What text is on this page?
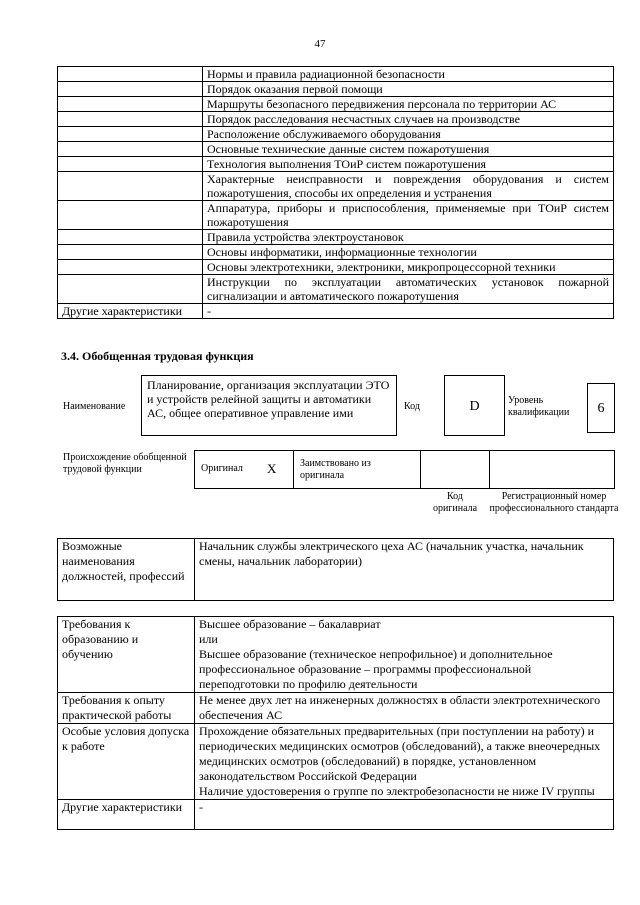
47
	Нормы и правила радиационной безопасности
	Порядок оказания первой помощи
	Маршруты безопасного передвижения персонала по территории АС
	Порядок расследования несчастных случаев на производстве
	Расположение обслуживаемого оборудования
	Основные технические данные систем пожаротушения
	Технология выполнения ТОиР систем пожаротушения
	Характерные неисправности и повреждения оборудования и систем пожаротушения, способы их определения и устранения
	Аппаратура, приборы и приспособления, применяемые при ТОиР систем пожаротушения
	Правила устройства электроустановок
	Основы информатики, информационные технологии
	Основы электротехники, электроники, микропроцессорной техники
	Инструкции по эксплуатации автоматических установок пожарной сигнализации и автоматического пожаротушения
Другие характеристики	-
3.4. Обобщенная трудовая функция
Наименование
Планирование, организация эксплуатации ЭТО и устройств релейной защиты и автоматики АС, общее оперативное управление ими	Код	D	Уровень квалификации	6
Происхождение обобщенной трудовой функции	Оригинал X Заимствовано из оригинала
Код оригинала
Регистрационный номер профессионального стандарта
Возможные наименования должностей, профессий	Начальник службы электрического цеха АС (начальник участка, начальник смены, начальник лаборатории)
Требования к образованию и обучению	Высшее образование – бакалавриат
или
Высшее образование (техническое непрофильное) и дополнительное профессиональное образование – программы профессиональной переподготовки по профилю деятельности

Требования к опыту практической работы	Не менее двух лет на инженерных должностях в области электротехнического обеспечения АС

Особые условия допуска к работе	Прохождение обязательных предварительных (при поступлении на работу) и периодических медицинских осмотров (обследований), а также внеочередных медицинских осмотров (обследований) в порядке, установленном законодательством Российской Федерации
Наличие удостоверения о группе по электробезопасности не ниже IV группы

Другие характеристики	-
